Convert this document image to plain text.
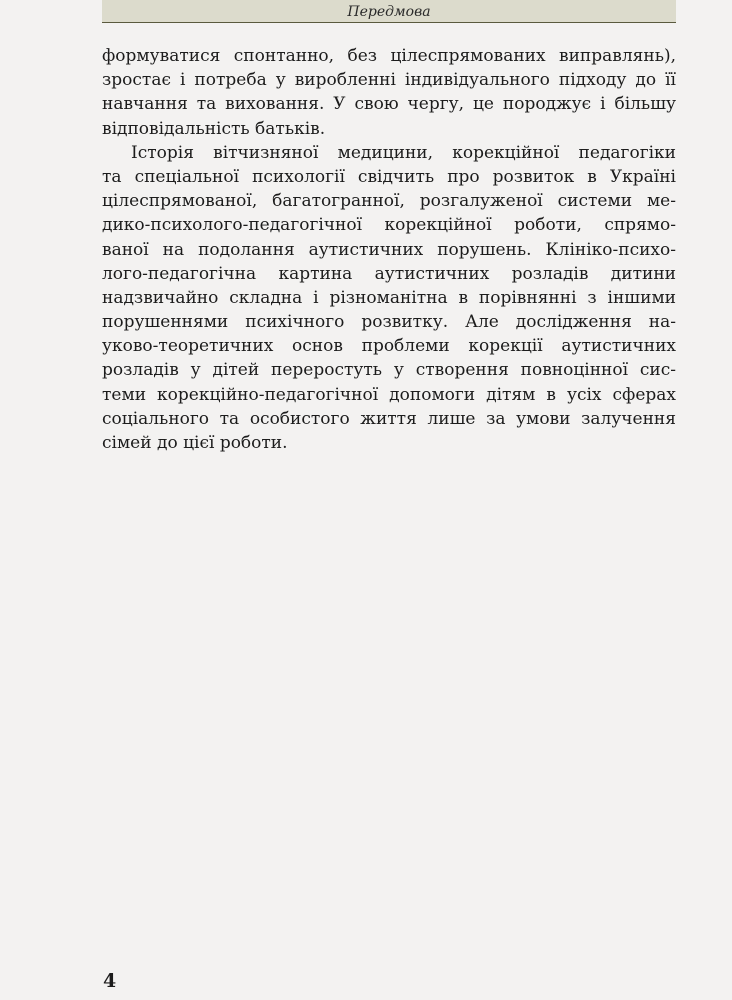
Передмова
формуватися спонтанно, без цілеспрямованих виправлянь),
зростає і потреба у виробленні індивідуального підходу до її
навчання та виховання. У свою чергу, це породжує і більшу
відповідальність батьків.
Історія вітчизняної медицини, корекційної педагогіки
та спеціальної психології свідчить про розвиток в Україні
цілеспрямованої, багатогранної, розгалуженої системи ме-
дико-психолого-педагогічної корекційної роботи, спрямо-
ваної на подолання аутистичних порушень. Клініко-психо-
лого-педагогічна картина аутистичних розладів дитини
надзвичайно складна і різноманітна в порівнянні з іншими
порушеннями психічного розвитку. Але дослідження на-
уково-теоретичних основ проблеми корекції аутистичних
розладів у дітей переростуть у створення повноцінної сис-
теми корекційно-педагогічної допомоги дітям в усіх сферах
соціального та особистого життя лише за умови залучення
сімей до цієї роботи.
4
